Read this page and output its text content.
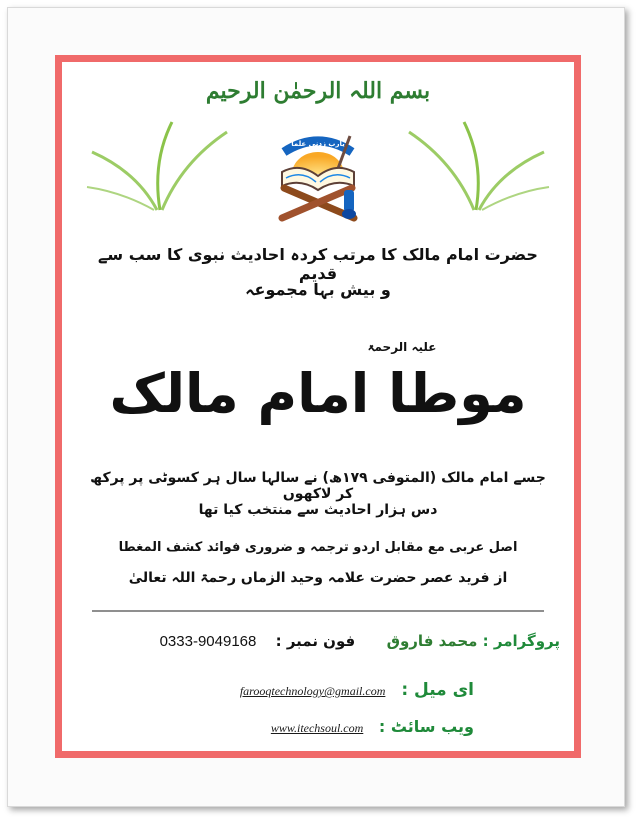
بسم اللہ الرحمٰن الرحیم
یارب زدنی علما
حضرت امام مالک کا مرتب کردہ احادیث نبوی کا سب سے قدیم
و بیش بہا مجموعہ
علیہ الرحمۃ
موطا امام مالک
جسے امام مالک (المتوفی ۱۷۹ھ) نے سالہا سال ہر کسوٹی پر پرکھ کر لاکھوں
دس ہزار احادیث سے منتخب کیا تھا
اصل عربی مع مقابل اردو ترجمہ و ضروری فوائد کشف المغطا
از فرید عصر حضرت علامہ وحید الزماں رحمۃ اللہ تعالیٰ
پروگرامر : محمد فاروق      فون نمبر : 0333-9049168
ای میل : farooqtechnology@gmail.com
ویب سائٹ : www.itechsoul.com
